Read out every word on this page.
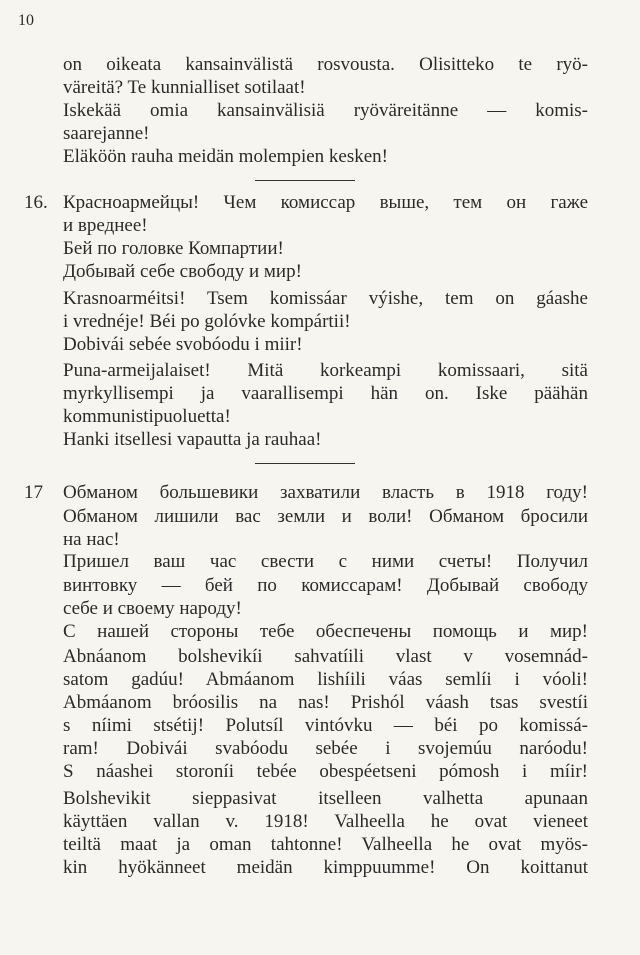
10
on oikeata kansainvälistä rosvousta. Olisitteko te ryö-
väreitä? Te kunnialliset sotilaat!
Iskekää omia kansainvälisiä ryöväreitänne — komis-
saarejanne!
Eläköön rauha meidän molempien kesken!
16. Красноармейцы! Чем комиссар выше, тем он гаже
и вреднее!
Бей по головке Компартии!
Добывай себе свободу и мир!
Krasnoarméitsi! Tsem komissáar výishe, tem on gáashe
i vrednéje! Béi po golóvke kompártii!
Dobivái sebée svobóodu i miir!
Puna-armeijalaiset! Mitä korkeampi komissaari, sitä
myrkyllisempi ja vaarallisempi hän on. Iske päähän
kommunistipuoluetta!
Hanki itsellesi vapautta ja rauhaa!
17 Обманом большевики захватили власть в 1918 году!
Обманом лишили вас земли и воли! Обманом бросили
на нас!
Пришел ваш час свести с ними счеты! Получил
винтовку — бей по комиссарам! Добывай свободу
себе и своему народу!
С нашей стороны тебе обеспечены помощь и мир!
Abnáanom bolshevikíi sahvatíili vlast v vosemnád-
satom gadúu! Abmáanom lishíili váas semlíi i vóoli!
Abmáanom bróosilis na nas! Prishól váash tsas svestíi
s níimi stsétij! Polutsíl vintóvku — béi po komissá-
ram! Dobivái svabóodu sebée i svojemúu naróodu!
S náashei storoníi tebée obespéetseni pómosh i míir!
Bolshevikit sieppasivat itselleen valhetta apunaan
käyttäen vallan v. 1918! Valheella he ovat vieneet
teiltä maat ja oman tahtonne! Valheella he ovat myös-
kin hyökänneet meidän kimppuumme! On koittanut
